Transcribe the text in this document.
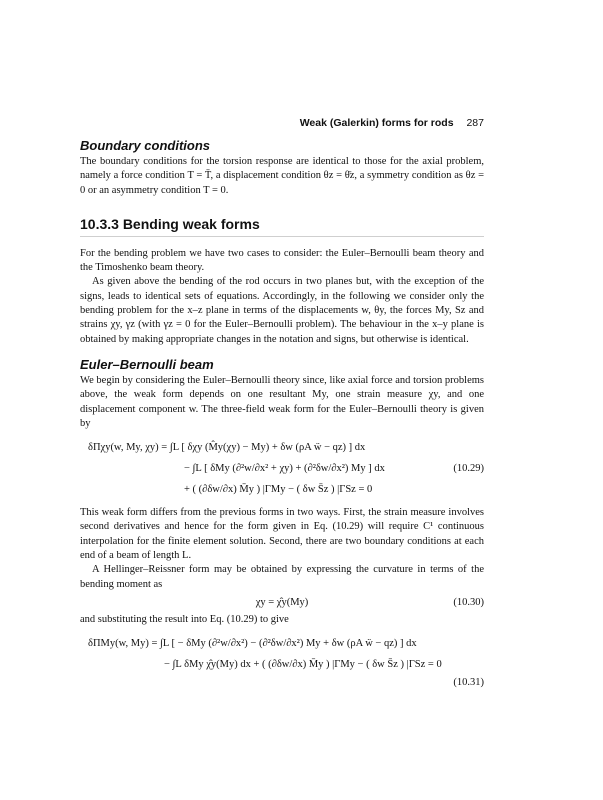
Weak (Galerkin) forms for rods 287
Boundary conditions

The boundary conditions for the torsion response are identical to those for the axial problem, namely a force condition T = T̄, a displacement condition θz = θ̄z, a symmetry condition as θz = 0 or an asymmetry condition T = 0.

10.3.3 Bending weak forms

For the bending problem we have two cases to consider: the Euler–Bernoulli beam theory and the Timoshenko beam theory.

As given above the bending of the rod occurs in two planes but, with the exception of the signs, leads to identical sets of equations. Accordingly, in the following we consider only the bending problem for the x–z plane in terms of the displacements w, θy, the forces My, Sz and strains χy, γz (with γz = 0 for the Euler–Bernoulli problem). The behaviour in the x–y plane is obtained by making appropriate changes in the notation and signs, but otherwise is identical.

Euler–Bernoulli beam

We begin by considering the Euler–Bernoulli theory since, like axial force and torsion problems above, the weak form depends on one resultant My, one strain measure χy, and one displacement component w. The three-field weak form for the Euler–Bernoulli theory is given by

δΠχy(w, My, χy) = ∫L [ δχy (M̂y(χy) − My) + δw (ρA ẅ − qz) ] dx
− ∫L [ δMy (∂²w/∂x² + χy) + (∂²δw/∂x²) My ] dx	(10.29)
+ ( (∂δw/∂x) M̄y ) |ΓMy − ( δw S̄z ) |ΓSz = 0

This weak form differs from the previous forms in two ways. First, the strain measure involves second derivatives and hence for the form given in Eq. (10.29) will require C¹ continuous interpolation for the finite element solution. Second, there are two boundary conditions at each end of a beam of length L.

A Hellinger–Reissner form may be obtained by expressing the curvature in terms of the bending moment as

χy = χ̂y(My)	(10.30)

and substituting the result into Eq. (10.29) to give

δΠMy(w, My) = ∫L [ − δMy (∂²w/∂x²) − (∂²δw/∂x²) My + δw (ρA ẅ − qz) ] dx
− ∫L δMy χ̂y(My) dx + ( (∂δw/∂x) M̄y ) |ΓMy − ( δw S̄z ) |ΓSz = 0
(10.31)
